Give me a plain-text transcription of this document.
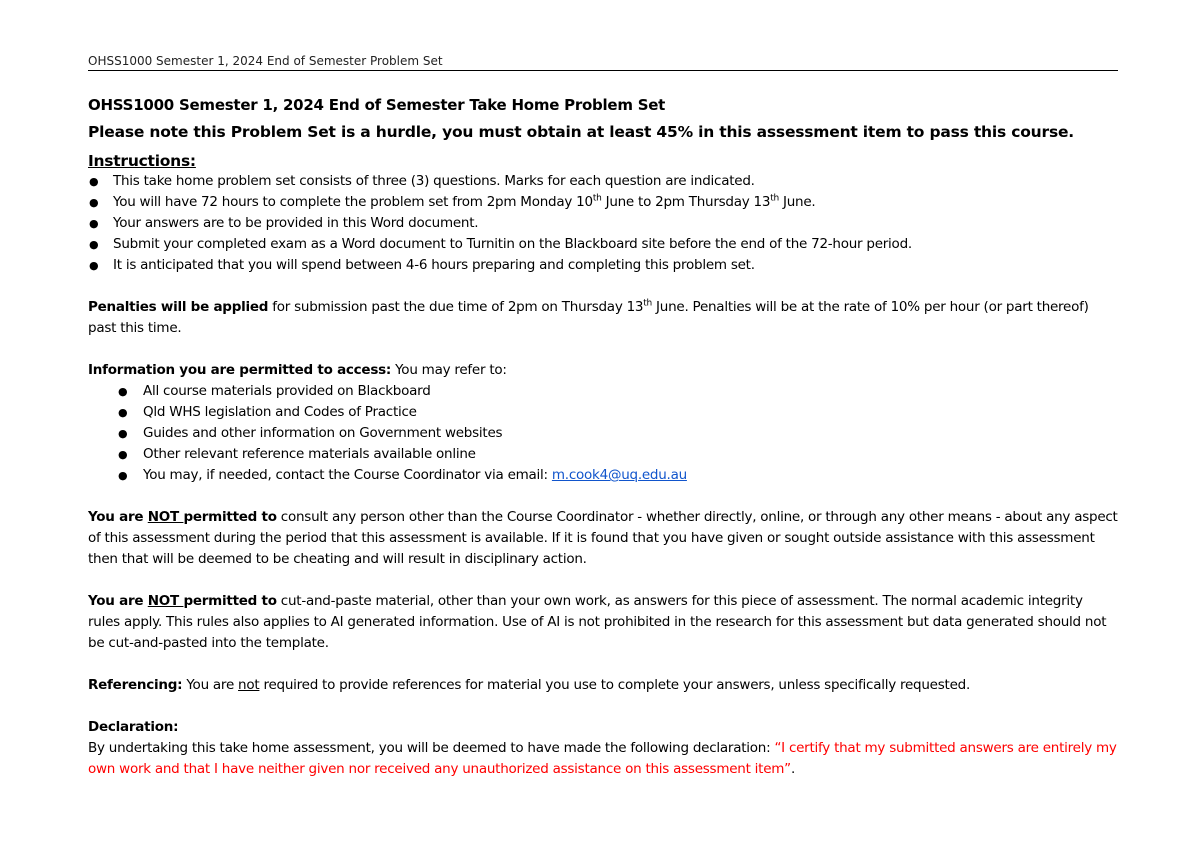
OHSS1000 Semester 1, 2024 End of Semester Problem Set

OHSS1000 Semester 1, 2024 End of Semester Take Home Problem Set

Please note this Problem Set is a hurdle, you must obtain at least 45% in this assessment item to pass this course.

Instructions:

● This take home problem set consists of three (3) questions. Marks for each question are indicated.
● You will have 72 hours to complete the problem set from 2pm Monday 10th June to 2pm Thursday 13th June.
● Your answers are to be provided in this Word document.
● Submit your completed exam as a Word document to Turnitin on the Blackboard site before the end of the 72-hour period.
● It is anticipated that you will spend between 4-6 hours preparing and completing this problem set.

Penalties will be applied for submission past the due time of 2pm on Thursday 13th June. Penalties will be at the rate of 10% per hour (or part thereof) past this time.

Information you are permitted to access: You may refer to:

● All course materials provided on Blackboard
● Qld WHS legislation and Codes of Practice
● Guides and other information on Government websites
● Other relevant reference materials available online
● You may, if needed, contact the Course Coordinator via email: m.cook4@uq.edu.au

You are NOT permitted to consult any person other than the Course Coordinator - whether directly, online, or through any other means - about any aspect of this assessment during the period that this assessment is available. If it is found that you have given or sought outside assistance with this assessment then that will be deemed to be cheating and will result in disciplinary action.

You are NOT permitted to cut-and-paste material, other than your own work, as answers for this piece of assessment. The normal academic integrity rules apply. This rules also applies to AI generated information. Use of AI is not prohibited in the research for this assessment but data generated should not be cut-and-pasted into the template.

Referencing: You are not required to provide references for material you use to complete your answers, unless specifically requested.

Declaration:

By undertaking this take home assessment, you will be deemed to have made the following declaration: “I certify that my submitted answers are entirely my own work and that I have neither given nor received any unauthorized assistance on this assessment item”.
